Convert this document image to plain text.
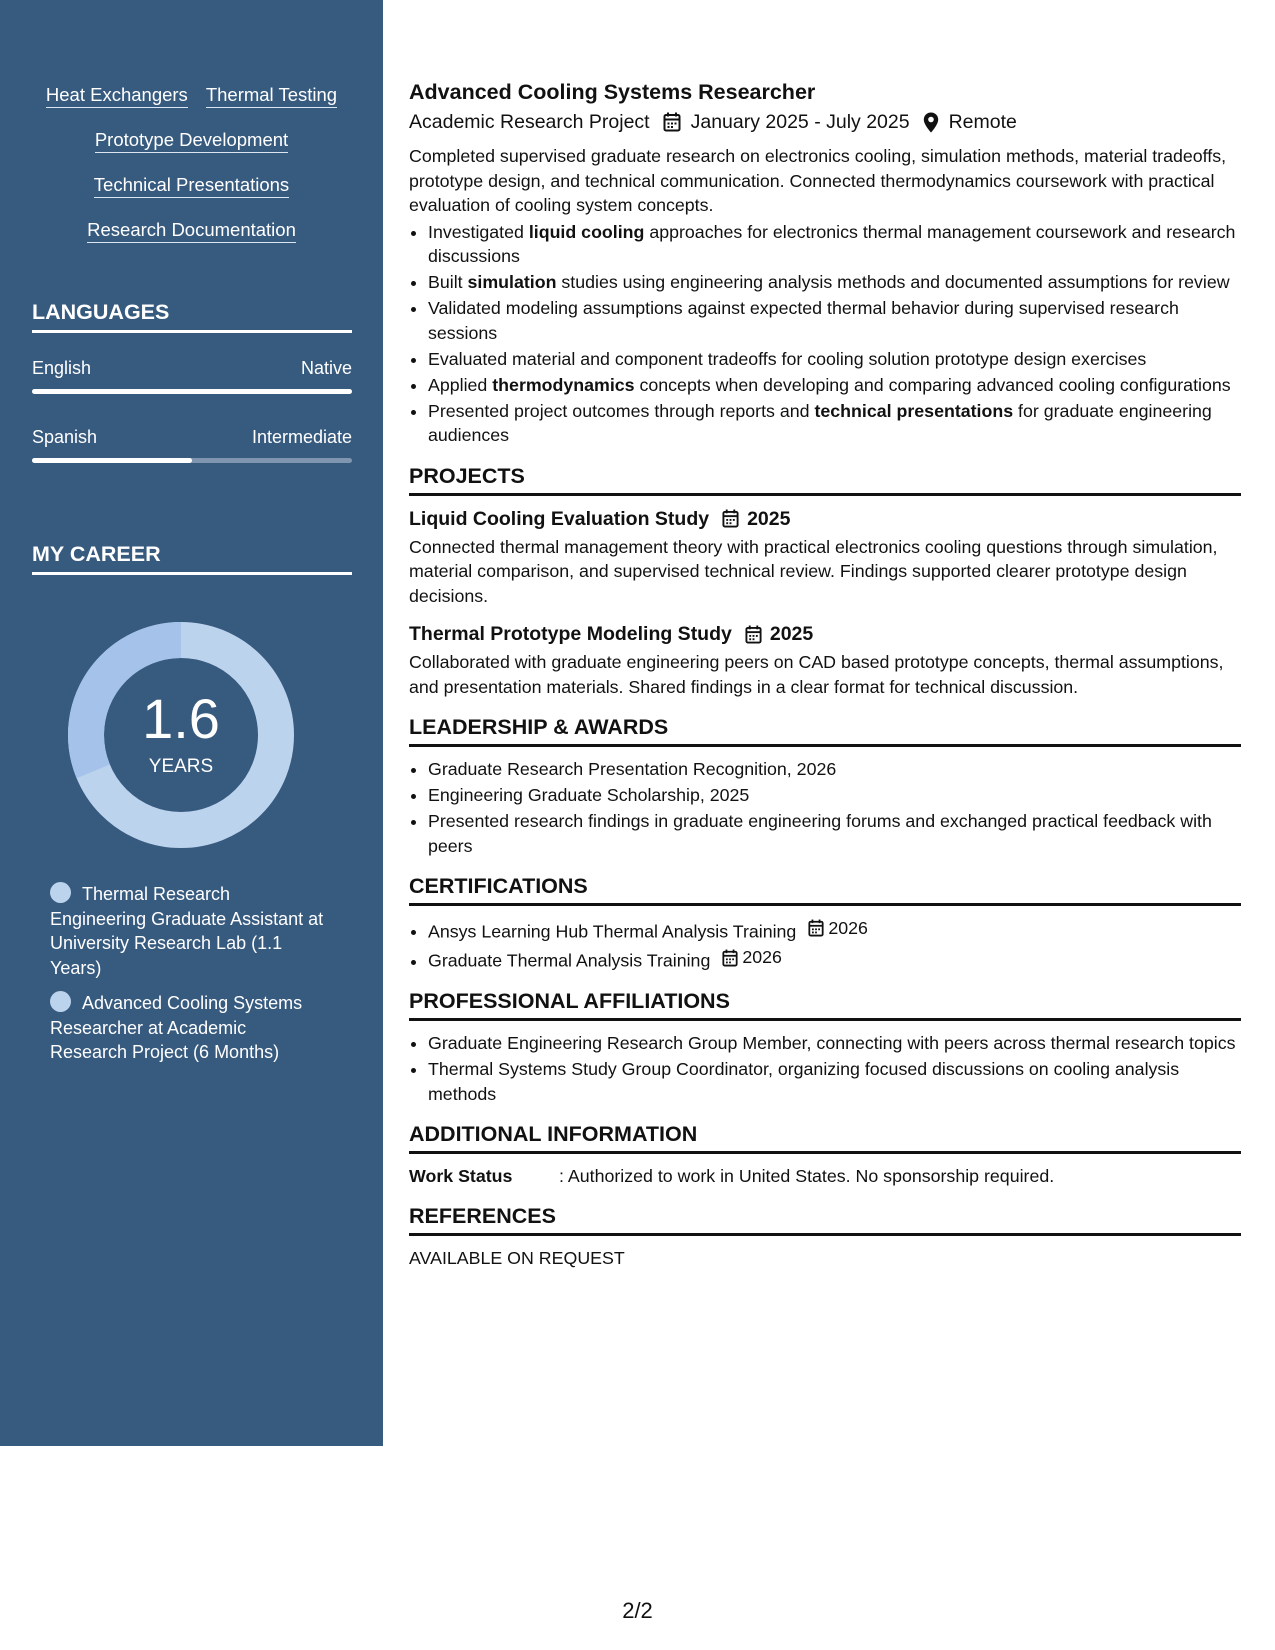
Heat Exchangers Thermal Testing
Prototype Development
Technical Presentations
Research Documentation
LANGUAGES
English	Native
Spanish	Intermediate
MY CAREER
1.6
YEARS
Thermal Research Engineering Graduate Assistant at University Research Lab (1.1 Years)
Advanced Cooling Systems Researcher at Academic Research Project (6 Months)
Advanced Cooling Systems Researcher
Academic Research Project January 2025 - July 2025 Remote

Completed supervised graduate research on electronics cooling, simulation methods, material tradeoffs, prototype design, and technical communication. Connected thermodynamics coursework with practical evaluation of cooling system concepts.

• Investigated liquid cooling approaches for electronics thermal management coursework and research discussions
• Built simulation studies using engineering analysis methods and documented assumptions for review
• Validated modeling assumptions against expected thermal behavior during supervised research sessions
• Evaluated material and component tradeoffs for cooling solution prototype design exercises
• Applied thermodynamics concepts when developing and comparing advanced cooling configurations
• Presented project outcomes through reports and technical presentations for graduate engineering audiences
PROJECTS
Liquid Cooling Evaluation Study 2025

Connected thermal management theory with practical electronics cooling questions through simulation, material comparison, and supervised technical review. Findings supported clearer prototype design decisions.

Thermal Prototype Modeling Study 2025

Collaborated with graduate engineering peers on CAD based prototype concepts, thermal assumptions, and presentation materials. Shared findings in a clear format for technical discussion.

LEADERSHIP & AWARDS
• Graduate Research Presentation Recognition, 2026
• Engineering Graduate Scholarship, 2025
• Presented research findings in graduate engineering forums and exchanged practical feedback with peers
CERTIFICATIONS
• Ansys Learning Hub Thermal Analysis Training 2026
• Graduate Thermal Analysis Training 2026
PROFESSIONAL AFFILIATIONS
• Graduate Engineering Research Group Member, connecting with peers across thermal research topics
• Thermal Systems Study Group Coordinator, organizing focused discussions on cooling analysis methods
ADDITIONAL INFORMATION
Work Status	: Authorized to work in United States. No sponsorship required.
REFERENCES

AVAILABLE ON REQUEST

2/2
